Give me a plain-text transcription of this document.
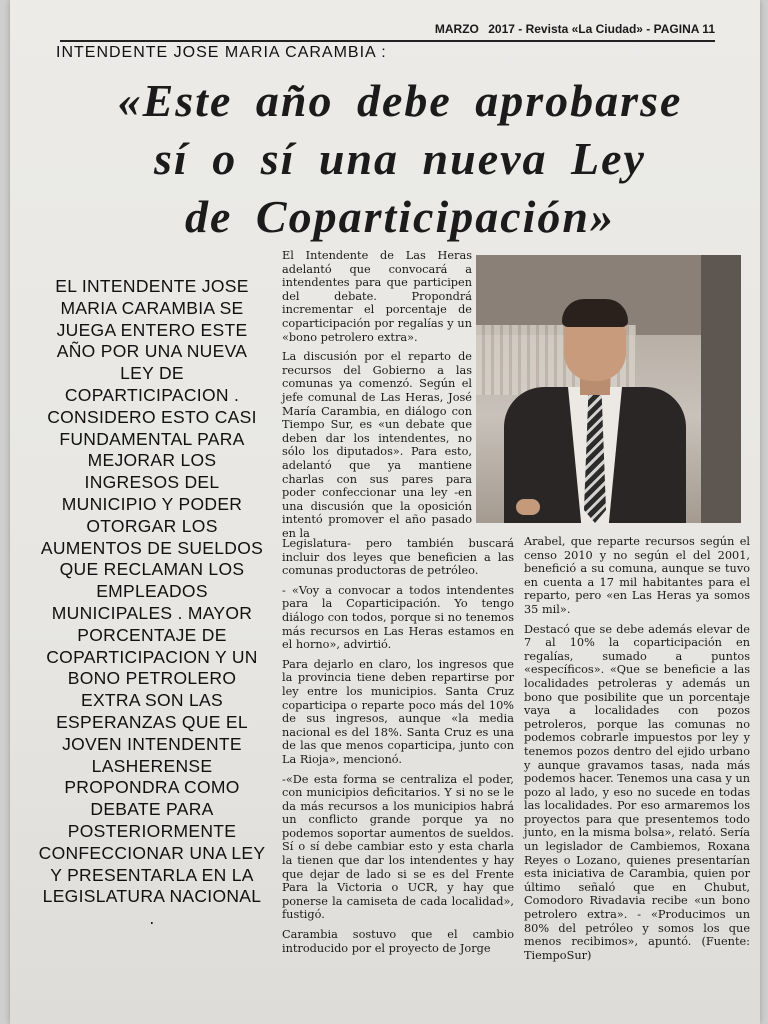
MARZO 2017 - Revista «La Ciudad» - PAGINA 11
INTENDENTE JOSE MARIA CARAMBIA :
«Este año debe aprobarse
sí o sí una nueva Ley
de Coparticipación»
EL INTENDENTE JOSE MARIA CARAMBIA SE JUEGA ENTERO ESTE AÑO POR UNA NUEVA LEY DE COPARTICIPACION . CONSIDERO ESTO CASI FUNDAMENTAL PARA MEJORAR LOS INGRESOS DEL MUNICIPIO Y PODER OTORGAR LOS AUMENTOS DE SUELDOS QUE RECLAMAN LOS EMPLEADOS MUNICIPALES . MAYOR PORCENTAJE DE COPARTICIPACION Y UN BONO PETROLERO EXTRA SON LAS ESPERANZAS QUE EL JOVEN INTENDENTE LASHERENSE PROPONDRA COMO DEBATE PARA POSTERIORMENTE CONFECCIONAR UNA LEY Y PRESENTARLA EN LA LEGISLATURA NACIONAL .

El Intendente de Las Heras adelantó que convocará a intendentes para que participen del debate. Propondrá incrementar el porcentaje de coparticipación por regalías y un «bono petrolero extra».

La discusión por el reparto de recursos del Gobierno a las comunas ya comenzó. Según el jefe comunal de Las Heras, José María Carambia, en diálogo con Tiempo Sur, es «un debate que deben dar los intendentes, no sólo los diputados». Para esto, adelantó que ya mantiene charlas con sus pares para poder confeccionar una ley -en una discusión que la oposición intentó promover el año pasado en la

Legislatura- pero también buscará incluir dos leyes que beneficien a las comunas productoras de petróleo.

- «Voy a convocar a todos intendentes para la Coparticipación. Yo tengo diálogo con todos, porque si no tenemos más recursos en Las Heras estamos en el horno», advirtió.

Para dejarlo en claro, los ingresos que la provincia tiene deben repartirse por ley entre los municipios. Santa Cruz coparticipa o reparte poco más del 10% de sus ingresos, aunque «la media nacional es del 18%. Santa Cruz es una de las que menos coparticipa, junto con La Rioja», mencionó.

-«De esta forma se centraliza el poder, con municipios deficitarios. Y si no se le da más recursos a los municipios habrá un conflicto grande porque ya no podemos soportar aumentos de sueldos. Sí o sí debe cambiar esto y esta charla la tienen que dar los intendentes y hay que dejar de lado si se es del Frente Para la Victoria o UCR, y hay que ponerse la camiseta de cada localidad», fustigó.

Carambia sostuvo que el cambio introducido por el proyecto de Jorge

Arabel, que reparte recursos según el censo 2010 y no según el del 2001, benefició a su comuna, aunque se tuvo en cuenta a 17 mil habitantes para el reparto, pero «en Las Heras ya somos 35 mil».

Destacó que se debe además elevar de 7 al 10% la coparticipación en regalías, sumado a puntos «específicos». «Que se beneficie a las localidades petroleras y además un bono que posibilite que un porcentaje vaya a localidades con pozos petroleros, porque las comunas no podemos cobrarle impuestos por ley y tenemos pozos dentro del ejido urbano y aunque gravamos tasas, nada más podemos hacer. Tenemos una casa y un pozo al lado, y eso no sucede en todas las localidades. Por eso armaremos los proyectos para que presentemos todo junto, en la misma bolsa», relató. Sería un legislador de Cambiemos, Roxana Reyes o Lozano, quienes presentarían esta iniciativa de Carambia, quien por último señaló que en Chubut, Comodoro Rivadavia recibe «un bono petrolero extra». - «Producimos un 80% del petróleo y somos los que menos recibimos», apuntó. (Fuente: TiempoSur)
